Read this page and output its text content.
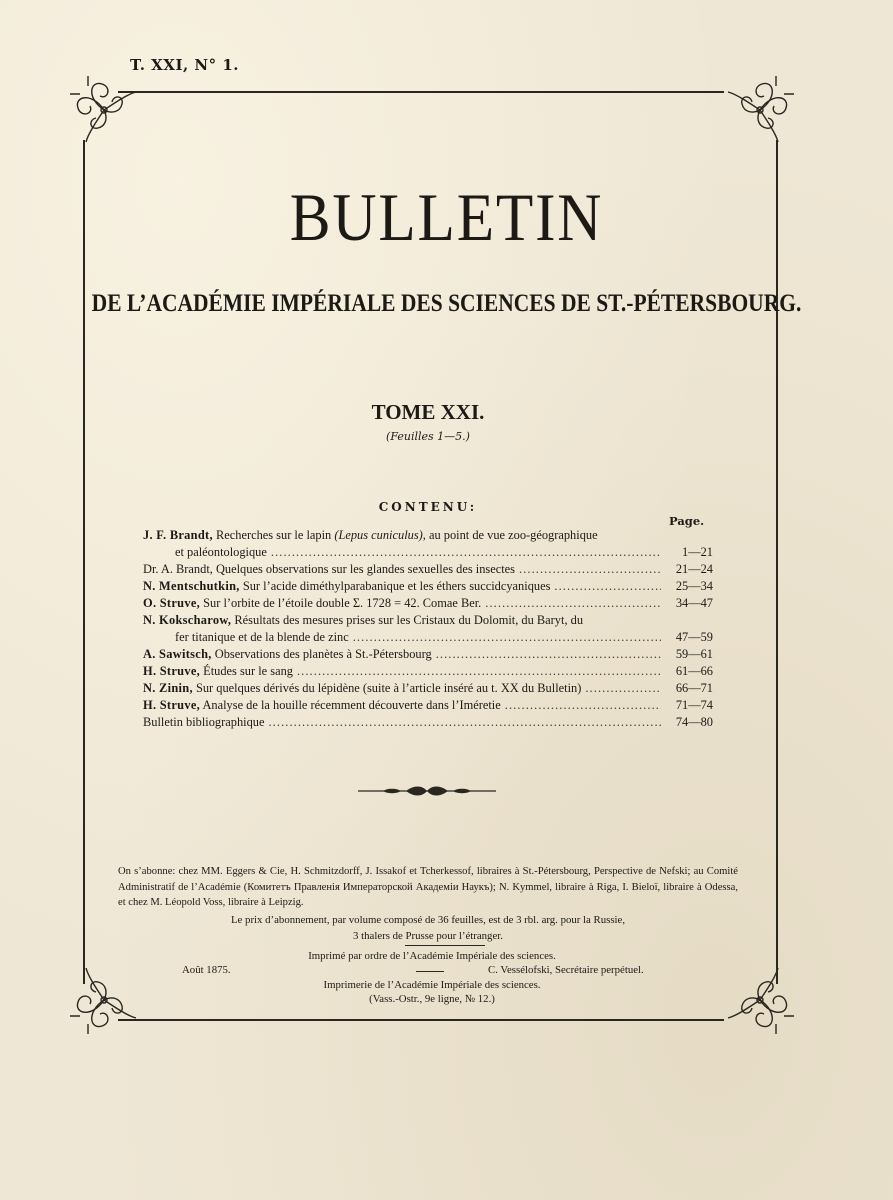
T. XXI, N° 1.
BULLETIN
DE L’ACADÉMIE IMPÉRIALE DES SCIENCES DE ST.-PÉTERSBOURG.
TOME XXI.
(Feuilles 1—5.)
CONTENU:
Page.
J. F. Brandt, Recherches sur le lapin (Lepus cuniculus), au point de vue zoo-géographique
et paléontologique . . .	1—21
Dr. A. Brandt, Quelques observations sur les glandes sexuelles des insectes . . .	21—24
N. Mentschutkin, Sur l’acide diméthylparabanique et les éthers succidcyaniques . . .	25—34
O. Struve, Sur l’orbite de l’étoile double Σ. 1728 = 42. Comae Ber. . . .	34—47
N. Kokscharow, Résultats des mesures prises sur les Cristaux du Dolomit, du Baryt, du
fer titanique et de la blende de zinc . . .	47—59
A. Sawitsch, Observations des planètes à St.-Pétersbourg . . .	59—61
H. Struve, Études sur le sang . . .	61—66
N. Zinin, Sur quelques dérivés du lépidène (suite à l’article inséré au t. XX du Bulletin) . . .	66—71
H. Struve, Analyse de la houille récemment découverte dans l’Iméretie . . .	71—74
Bulletin bibliographique . . .	74—80
On s’abonne: chez MM. Eggers & Cie, H. Schmitzdorff, J. Issakof et Tcherkessof, libraires à St.-Pétersbourg, Perspective de Nefski; au Comité Administratif de l’Académie (Комитетъ Правленія Императорской Академіи Наукъ); N. Kymmel, libraire à Riga, I. Bieloï, libraire à Odessa, et chez M. Léopold Voss, libraire à Leipzig.
Le prix d’abonnement, par volume composé de 36 feuilles, est de 3 rbl. arg. pour la Russie,
3 thalers de Prusse pour l’étranger.
Imprimé par ordre de l’Académie Impériale des sciences.
Août 1875.	C. Vessélofski, Secrétaire perpétuel.
Imprimerie de l’Académie Impériale des sciences.
(Vass.-Ostr., 9e ligne, № 12.)
